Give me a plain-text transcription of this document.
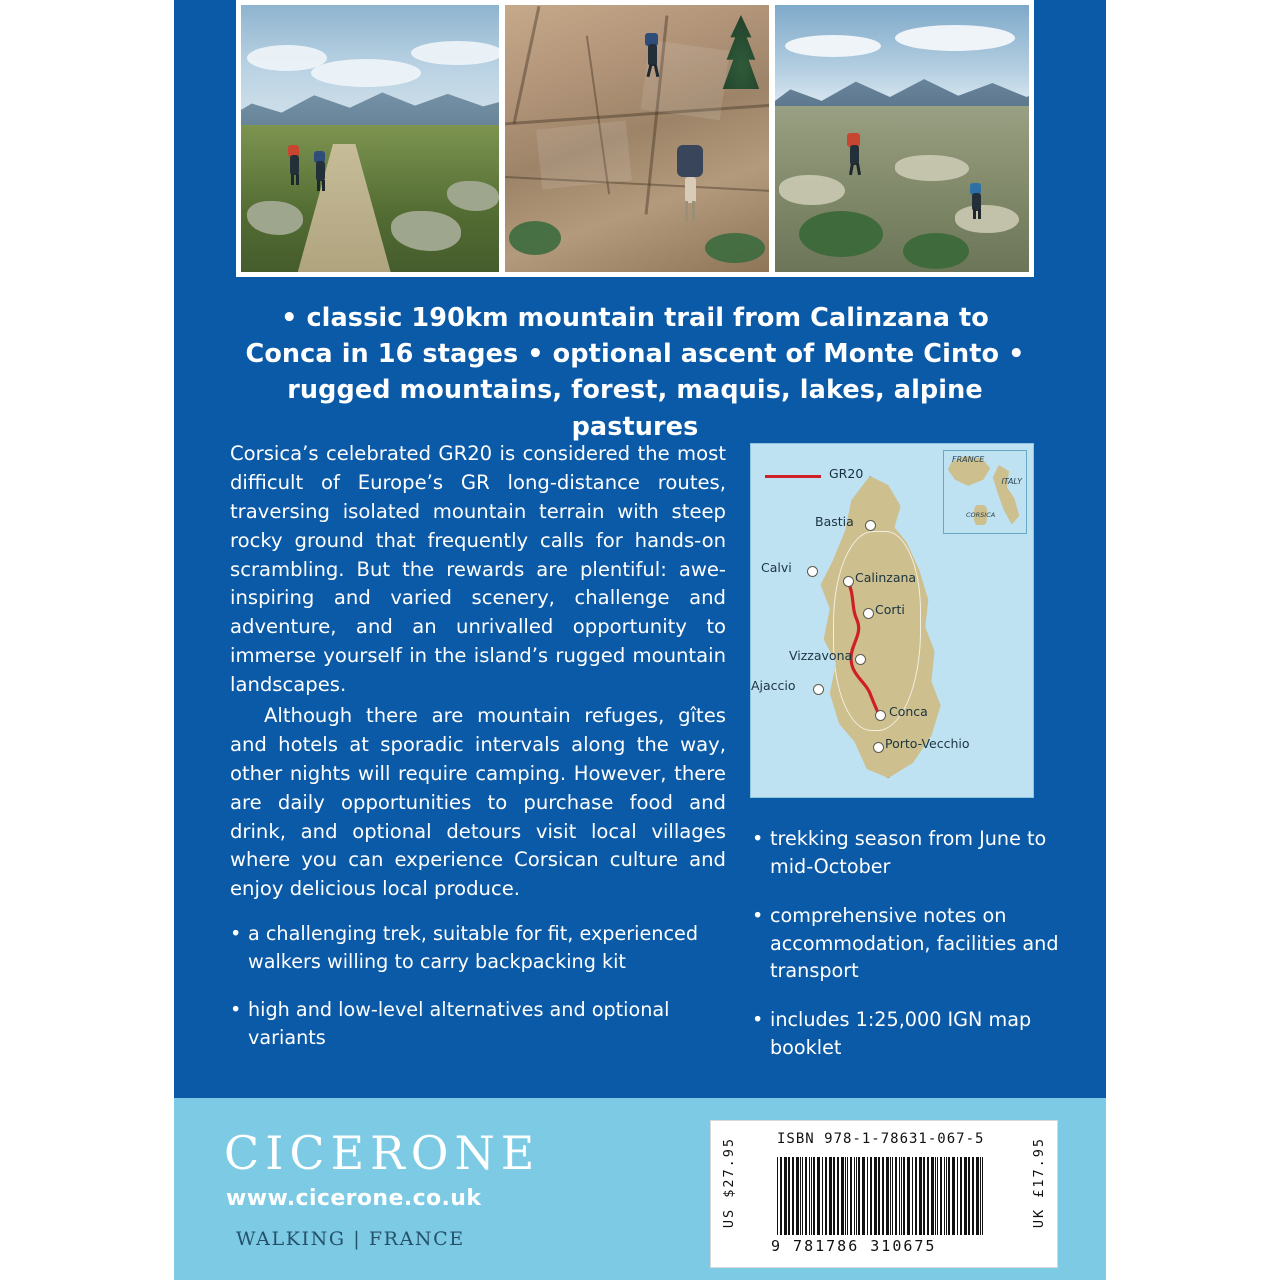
• classic 190km mountain trail from Calinzana to Conca in 16 stages • optional ascent of Monte Cinto • rugged mountains, forest, maquis, lakes, alpine pastures

Corsica’s celebrated GR20 is considered the most difficult of Europe’s GR long-distance routes, traversing isolated mountain terrain with steep rocky ground that frequently calls for hands-on scrambling. But the rewards are plentiful: awe-inspiring and varied scenery, challenge and adventure, and an unrivalled opportunity to immerse yourself in the island’s rugged mountain landscapes.

Although there are mountain refuges, gîtes and hotels at sporadic intervals along the way, other nights will require camping. However, there are daily opportunities to purchase food and drink, and optional detours visit local villages where you can experience Corsican culture and enjoy delicious local produce.

• a challenging trek, suitable for fit, experienced walkers willing to carry backpacking kit
• high and low-level alternatives and optional variants
• trekking season from June to mid-October
• comprehensive notes on accommodation, facilities and transport
• includes 1:25,000 IGN map booklet
GR20
Bastia
Calvi
Calinzana
Corti
Vizzavona
Ajaccio
Conca
Porto-Vecchio
FRANCE
ITALY
CORSICA
CICERONE
www.cicerone.co.uk
WALKING | FRANCE
US $27.95	UK £17.95
ISBN 978-1-78631-067-5
9 781786 310675
